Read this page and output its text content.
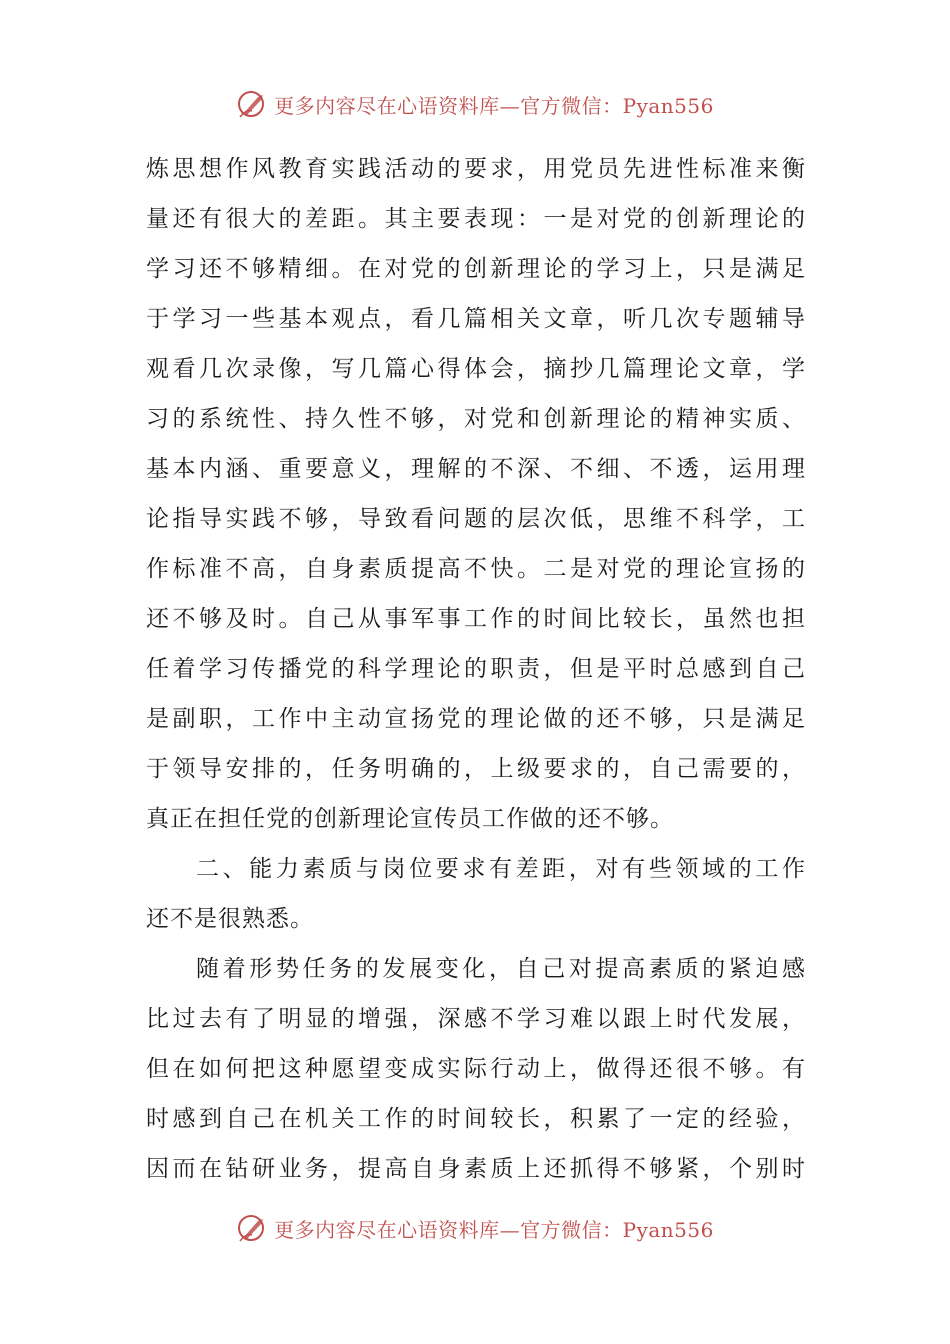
更多内容尽在心语资料库—官方微信：Pyan556
炼思想作风教育实践活动的要求，用党员先进性标准来衡
量还有很大的差距。其主要表现：一是对党的创新理论的
学习还不够精细。在对党的创新理论的学习上，只是满足
于学习一些基本观点，看几篇相关文章，听几次专题辅导
观看几次录像，写几篇心得体会，摘抄几篇理论文章，学
习的系统性、持久性不够，对党和创新理论的精神实质、
基本内涵、重要意义，理解的不深、不细、不透，运用理
论指导实践不够，导致看问题的层次低，思维不科学，工
作标准不高，自身素质提高不快。二是对党的理论宣扬的
还不够及时。自己从事军事工作的时间比较长，虽然也担
任着学习传播党的科学理论的职责，但是平时总感到自己
是副职，工作中主动宣扬党的理论做的还不够，只是满足
于领导安排的，任务明确的，上级要求的，自己需要的，
真正在担任党的创新理论宣传员工作做的还不够。
二、能力素质与岗位要求有差距，对有些领域的工作
还不是很熟悉。
随着形势任务的发展变化，自己对提高素质的紧迫感
比过去有了明显的增强，深感不学习难以跟上时代发展，
但在如何把这种愿望变成实际行动上，做得还很不够。有
时感到自己在机关工作的时间较长，积累了一定的经验，
因而在钻研业务，提高自身素质上还抓得不够紧，个别时
更多内容尽在心语资料库—官方微信：Pyan556
